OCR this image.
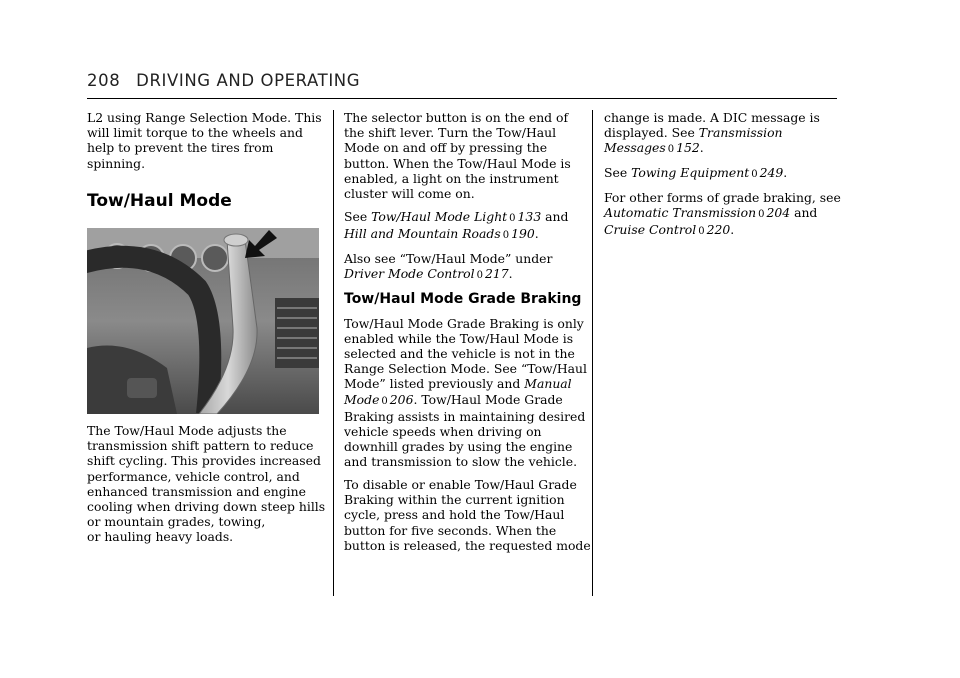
208 DRIVING AND OPERATING

L2 using Range Selection Mode. This
will limit torque to the wheels and
help to prevent the tires from
spinning.

Tow/Haul Mode

The Tow/Haul Mode adjusts the
transmission shift pattern to reduce
shift cycling. This provides increased
performance, vehicle control, and
enhanced transmission and engine
cooling when driving down steep hills
or mountain grades, towing,
or hauling heavy loads.

The selector button is on the end of
the shift lever. Turn the Tow/Haul
Mode on and off by pressing the
button. When the Tow/Haul Mode is
enabled, a light on the instrument
cluster will come on.

See Tow/Haul Mode Light 0 133 and
Hill and Mountain Roads 0 190.

Also see “Tow/Haul Mode” under
Driver Mode Control 0 217.

Tow/Haul Mode Grade Braking

Tow/Haul Mode Grade Braking is only
enabled while the Tow/Haul Mode is
selected and the vehicle is not in the
Range Selection Mode. See “Tow/Haul
Mode” listed previously and Manual
Mode 0 206. Tow/Haul Mode Grade
Braking assists in maintaining desired
vehicle speeds when driving on
downhill grades by using the engine
and transmission to slow the vehicle.

To disable or enable Tow/Haul Grade
Braking within the current ignition
cycle, press and hold the Tow/Haul
button for five seconds. When the
button is released, the requested mode

change is made. A DIC message is
displayed. See Transmission
Messages 0 152.

See Towing Equipment 0 249.

For other forms of grade braking, see
Automatic Transmission 0 204 and
Cruise Control 0 220.
